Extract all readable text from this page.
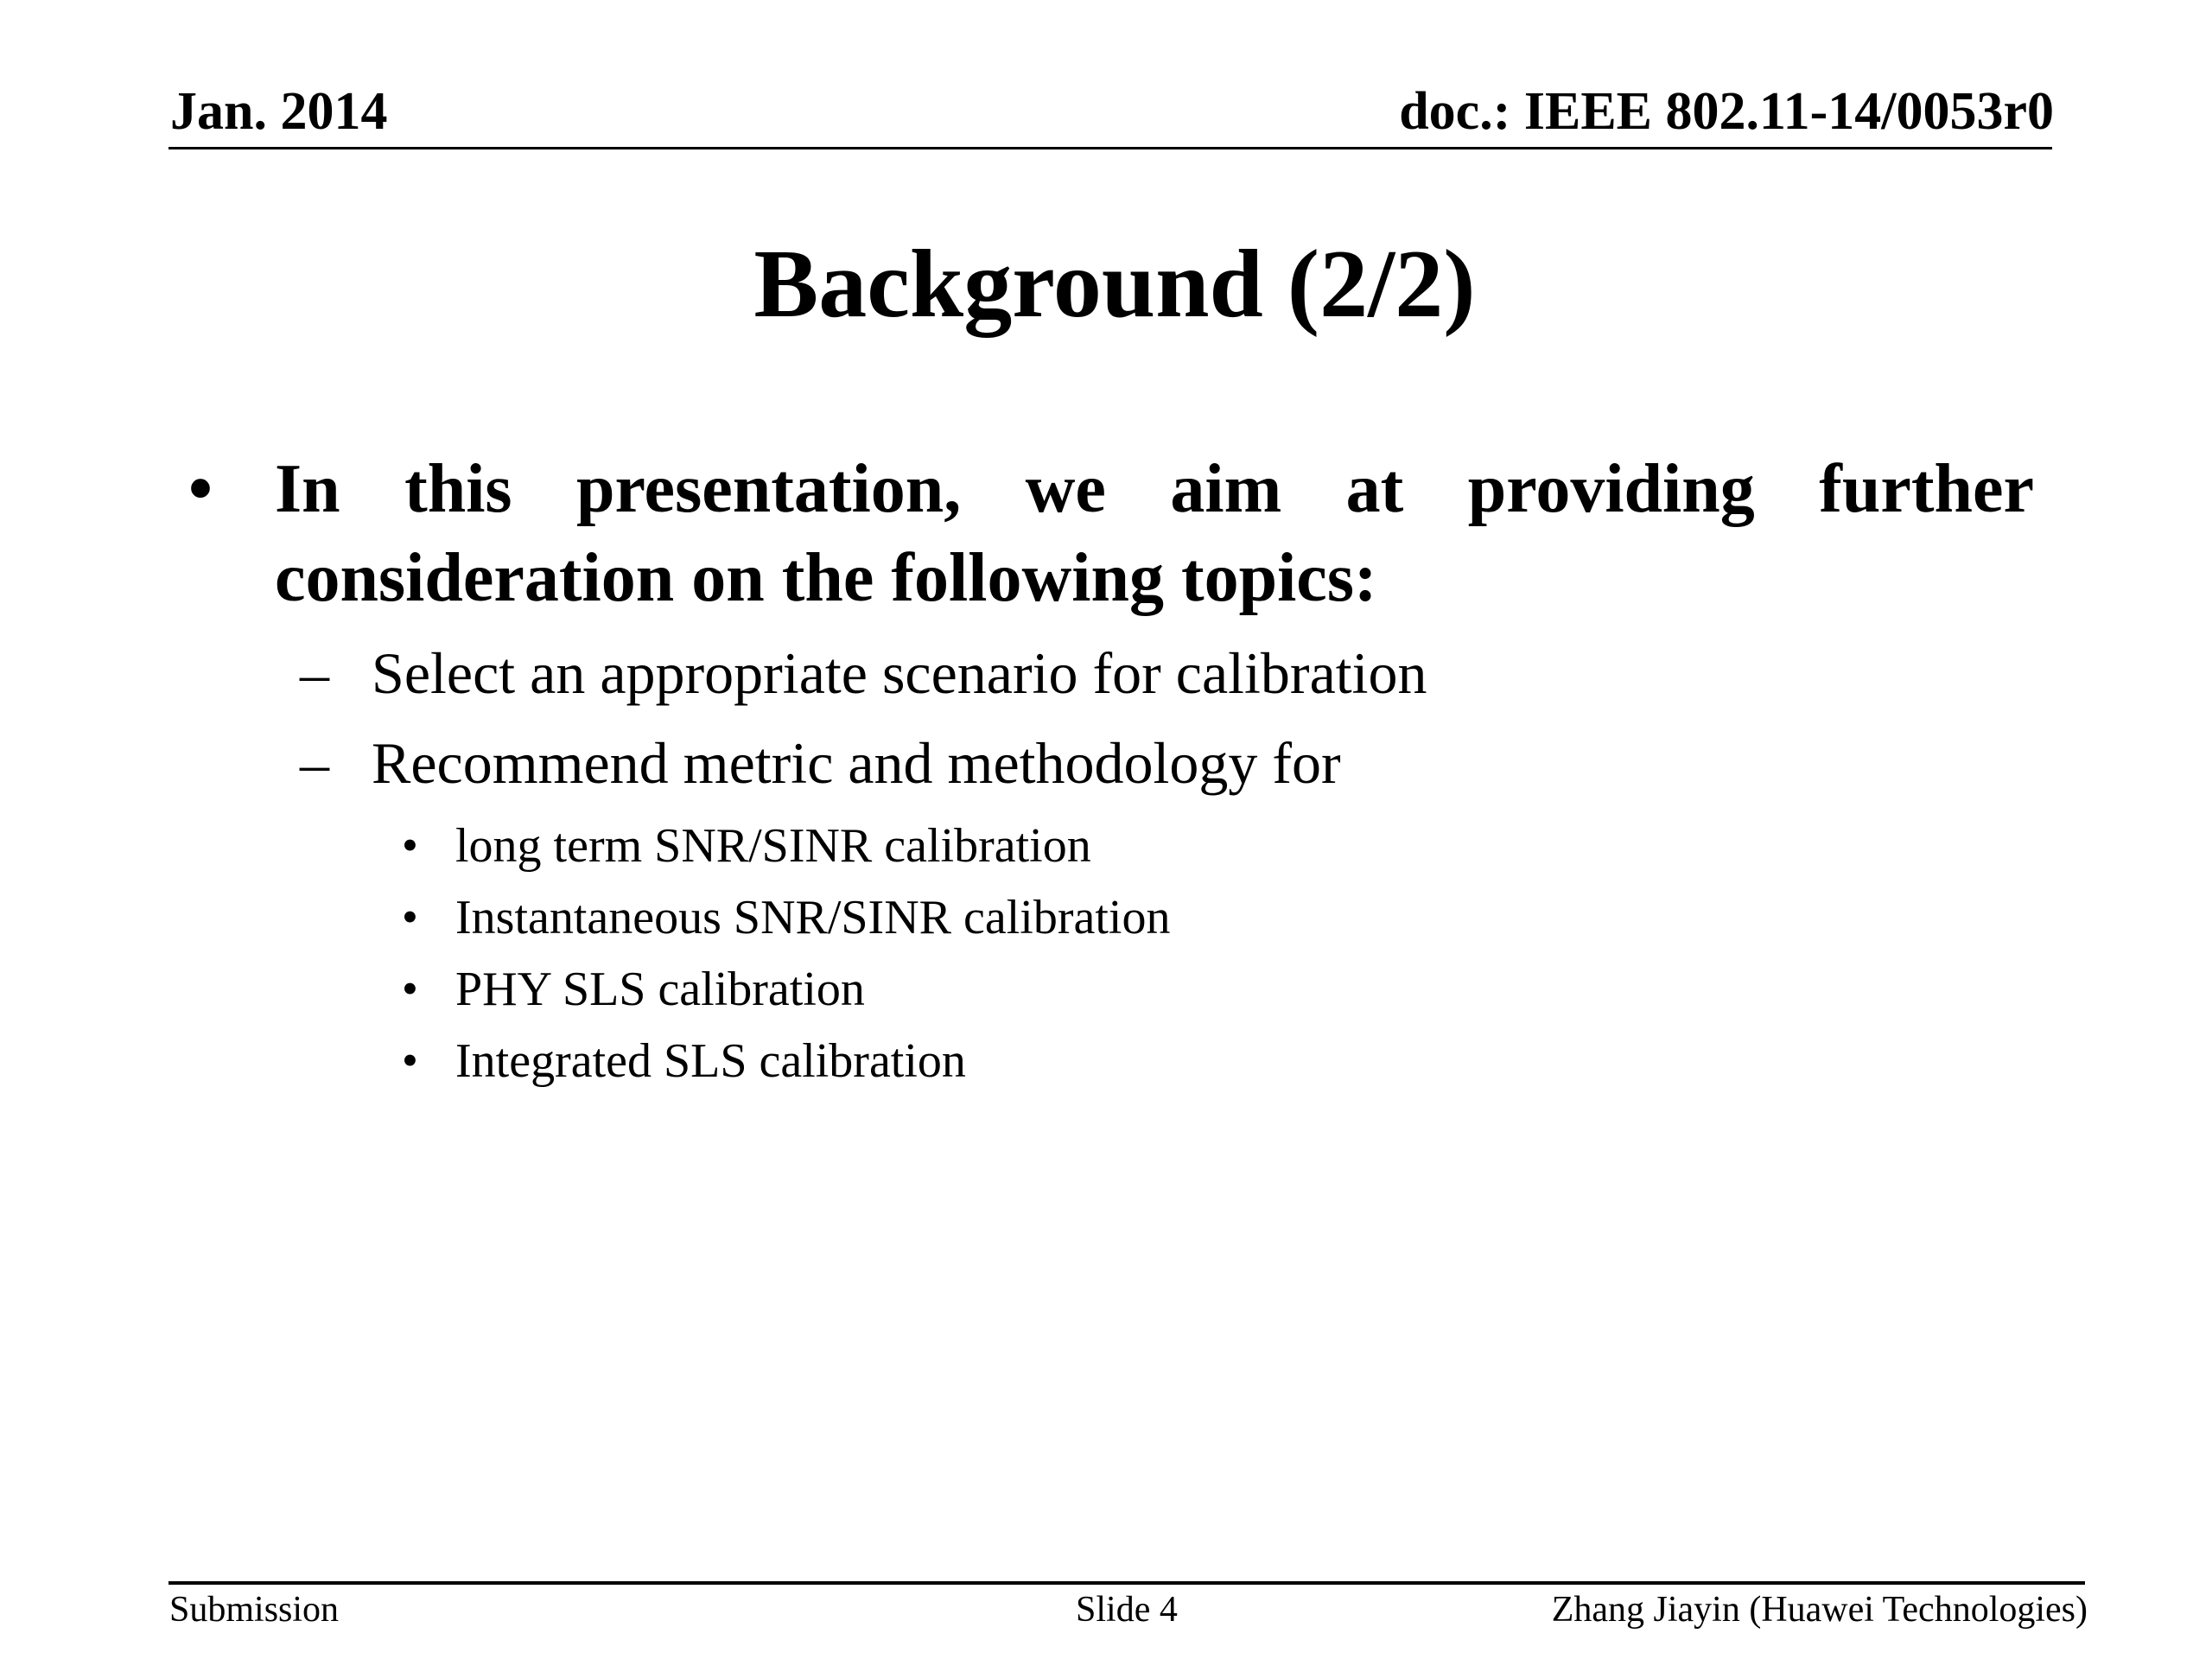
Jan. 2014	doc.: IEEE 802.11-14/0053r0
Background (2/2)
• In this presentation, we aim at providing further consideration on the following topics:
– Select an appropriate scenario for calibration
– Recommend metric and methodology for
• long term SNR/SINR calibration
• Instantaneous SNR/SINR calibration
• PHY SLS calibration
• Integrated SLS calibration
Submission	Slide 4	Zhang Jiayin (Huawei Technologies)
